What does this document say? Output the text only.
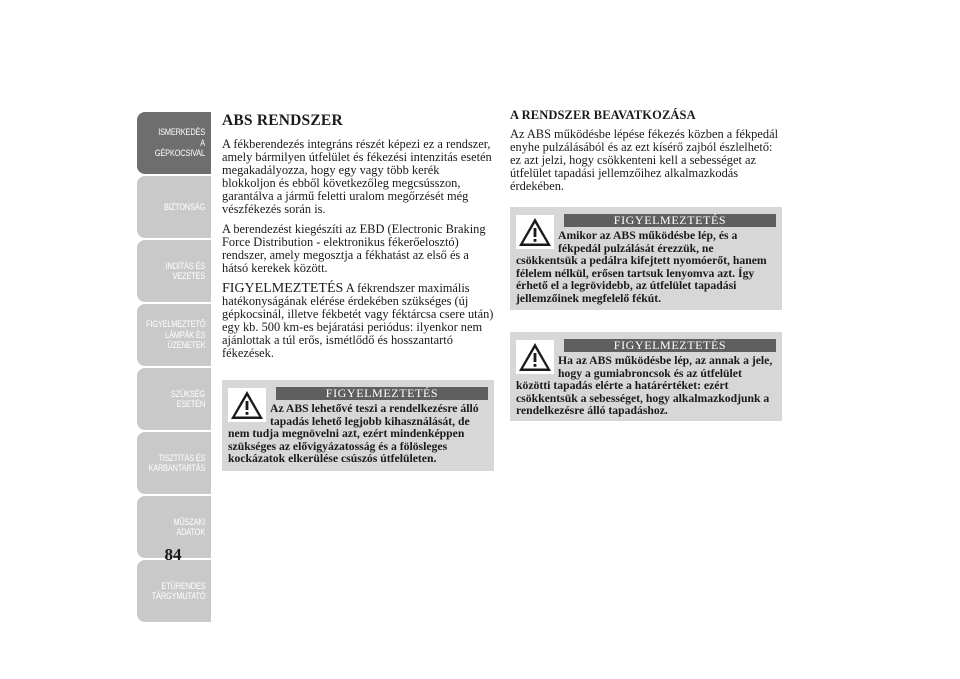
ISMERKEDÉS A
GÉPKOCSIVAL
BIZTONSÁG
INDÍTÁS ÉS
VEZETÉS
FIGYELMEZTETŐ
LÁMPÁK ÉS
ÜZENETEK
SZÜKSÉG ESETÉN
TISZTÍTÁS ÉS
KARBANTARTÁS
MŰSZAKI ADATOK
ETŰRENDES
TÁRGYMUTATÓ
84
ABS RENDSZER

A fékberendezés integráns részét képezi ez a rendszer, amely bármilyen útfelület és fékezési intenzitás esetén megakadályozza, hogy egy vagy több kerék blokkoljon és ebből következőleg megcsússzon, garantálva a jármű feletti uralom megőrzését még vészfékezés során is.

A berendezést kiegészíti az EBD (Electronic Braking Force Distribution - elektronikus fékerőelosztó) rendszer, amely megosztja a fékhatást az első és a hátsó kerekek között.

FIGYELMEZTETÉS A fékrendszer maximális hatékonyságának elérése érdekében szükséges (új gépkocsinál, illetve fékbetét vagy féktárcsa csere után) egy kb. 500 km-es bejáratási periódus: ilyenkor nem ajánlottak a túl erős, ismétlődő és hosszantartó fékezések.

FIGYELMEZTETÉS
Az ABS lehetővé teszi a rendelkezésre álló tapadás lehető legjobb kihasználását, de
nem tudja megnövelni azt, ezért mindenképpen szükséges az elővigyázatosság és a fölösleges kockázatok elkerülése csúszós útfelületen.
A RENDSZER BEAVATKOZÁSA

Az ABS működésbe lépése fékezés közben a fékpedál enyhe pulzálásából és az ezt kísérő zajból észlelhető: ez azt jelzi, hogy csökkenteni kell a sebességet az útfelület tapadási jellemzőihez alkalmazkodás érdekében.

FIGYELMEZTETÉS
Amikor az ABS működésbe lép, és a fékpedál pulzálását érezzük, ne
csökkentsük a pedálra kifejtett nyomóerőt, hanem félelem nélkül, erősen tartsuk lenyomva azt. Így érhető el a legrövidebb, az útfelület tapadási jellemzőinek megfelelő fékút.
FIGYELMEZTETÉS
Ha az ABS működésbe lép, az annak a jele, hogy a gumiabroncsok és az útfelület
közötti tapadás elérte a határértéket: ezért csökkentsük a sebességet, hogy alkalmazkodjunk a rendelkezésre álló tapadáshoz.
